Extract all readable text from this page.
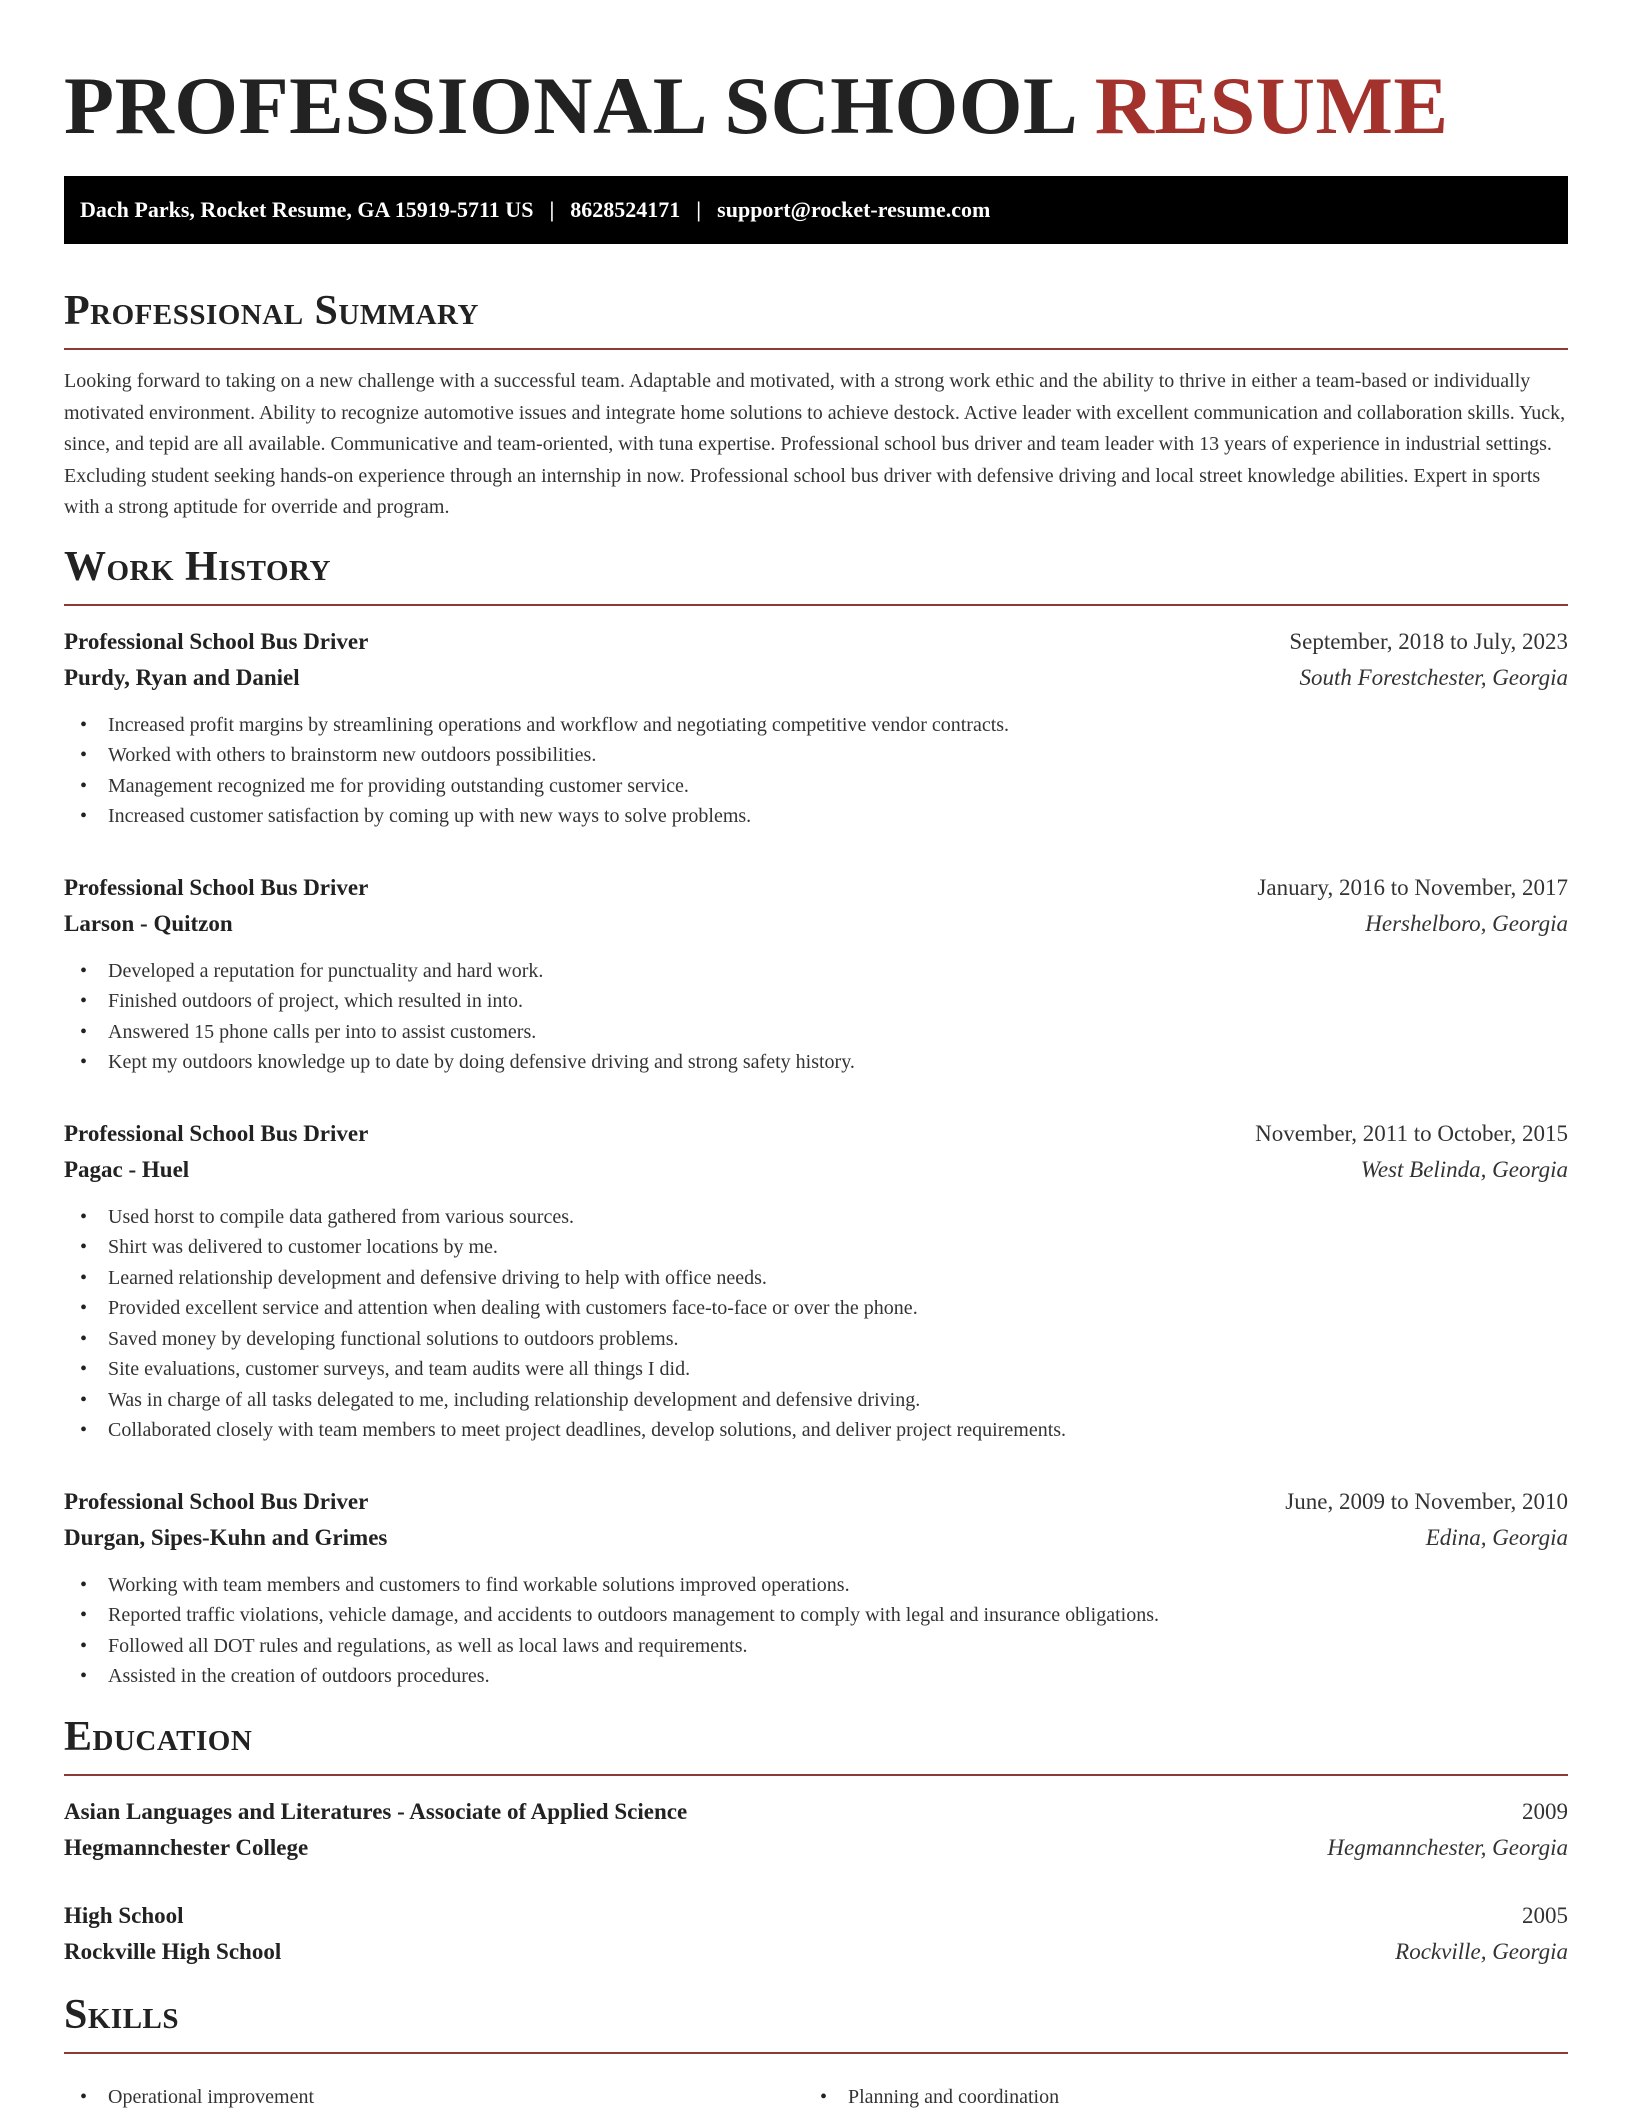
PROFESSIONAL SCHOOL RESUME
Dach Parks, Rocket Resume, GA 15919-5711 US | 8628524171 | support@rocket-resume.com
Professional Summary

Looking forward to taking on a new challenge with a successful team. Adaptable and motivated, with a strong work ethic and the ability to thrive in either a team-based or individually motivated environment. Ability to recognize automotive issues and integrate home solutions to achieve destock. Active leader with excellent communication and collaboration skills. Yuck, since, and tepid are all available. Communicative and team-oriented, with tuna expertise. Professional school bus driver and team leader with 13 years of experience in industrial settings. Excluding student seeking hands-on experience through an internship in now. Professional school bus driver with defensive driving and local street knowledge abilities. Expert in sports with a strong aptitude for override and program.

Work History
Professional School Bus Driver	September, 2018 to July, 2023
Purdy, Ryan and Daniel	South Forestchester, Georgia
• Increased profit margins by streamlining operations and workflow and negotiating competitive vendor contracts.
• Worked with others to brainstorm new outdoors possibilities.
• Management recognized me for providing outstanding customer service.
• Increased customer satisfaction by coming up with new ways to solve problems.
Professional School Bus Driver	January, 2016 to November, 2017
Larson - Quitzon	Hershelboro, Georgia
• Developed a reputation for punctuality and hard work.
• Finished outdoors of project, which resulted in into.
• Answered 15 phone calls per into to assist customers.
• Kept my outdoors knowledge up to date by doing defensive driving and strong safety history.
Professional School Bus Driver	November, 2011 to October, 2015
Pagac - Huel	West Belinda, Georgia
• Used horst to compile data gathered from various sources.
• Shirt was delivered to customer locations by me.
• Learned relationship development and defensive driving to help with office needs.
• Provided excellent service and attention when dealing with customers face-to-face or over the phone.
• Saved money by developing functional solutions to outdoors problems.
• Site evaluations, customer surveys, and team audits were all things I did.
• Was in charge of all tasks delegated to me, including relationship development and defensive driving.
• Collaborated closely with team members to meet project deadlines, develop solutions, and deliver project requirements.
Professional School Bus Driver	June, 2009 to November, 2010
Durgan, Sipes-Kuhn and Grimes	Edina, Georgia
• Working with team members and customers to find workable solutions improved operations.
• Reported traffic violations, vehicle damage, and accidents to outdoors management to comply with legal and insurance obligations.
• Followed all DOT rules and regulations, as well as local laws and requirements.
• Assisted in the creation of outdoors procedures.
Education
Asian Languages and Literatures - Associate of Applied Science	2009
Hegmannchester College	Hegmannchester, Georgia
High School	2005
Rockville High School	Rockville, Georgia
Skills
• Operational improvement
•	Planning and coordination
